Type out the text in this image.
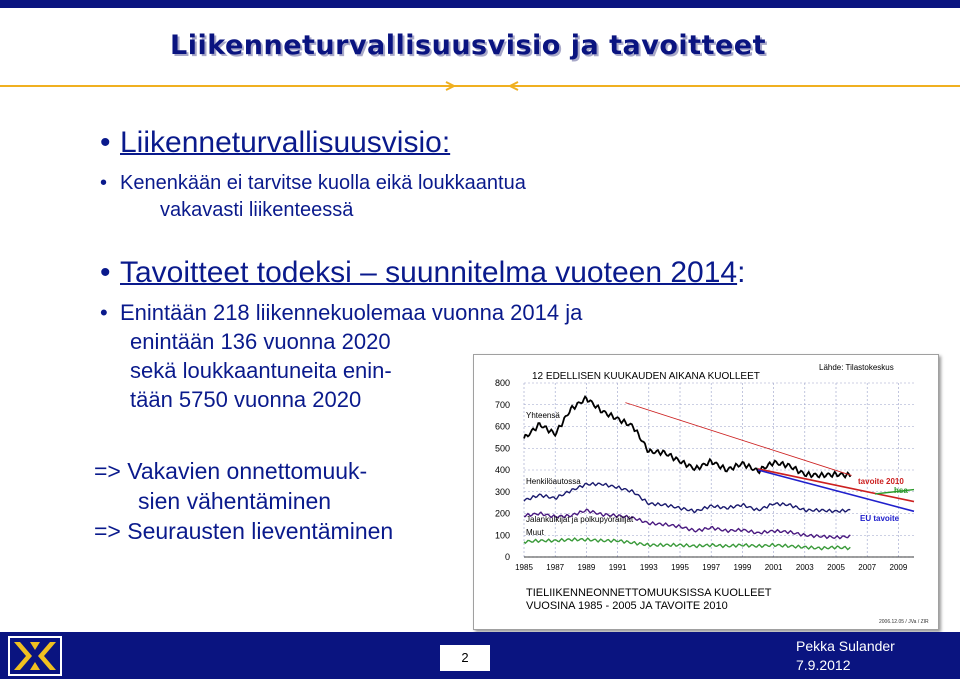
Liikenneturvallisuusvisio ja tavoitteet
• Liikenneturvallisuusvisio:
• Kenenkään ei tarvitse kuolla eikä loukkaantua
vakavasti liikenteessä
• Tavoitteet todeksi – suunnitelma vuoteen 2014:
• Enintään 218 liikennekuolemaa vuonna 2014 ja
enintään 136 vuonna 2020
sekä loukkaantuneita enin-
tään 5750 vuonna 2020
=> Vakavien onnettomuuk-
sien vähentäminen
=> Seurausten lieventäminen
0
100
200
300
400
500
600
700
800
1985 1987 1989 1991 1993 1995 1997 1999 2001 2003 2005 2007 2009
12 EDELLISEN KUUKAUDEN AIKANA KUOLLEET
Lähde: Tilastokeskus
Yhteensä
Henkilöautossa
Jalankulkijat ja polkupyöräilijät
Muut
tavoite 2010
hsa
EU tavoite
TIELIIKENNEONNETTOMUUKSISSA KUOLLEET
VUOSINA 1985 - 2005 JA TAVOITE 2010
2006.12.05 / JVa / ZIR
2
Pekka Sulander
7.9.2012
